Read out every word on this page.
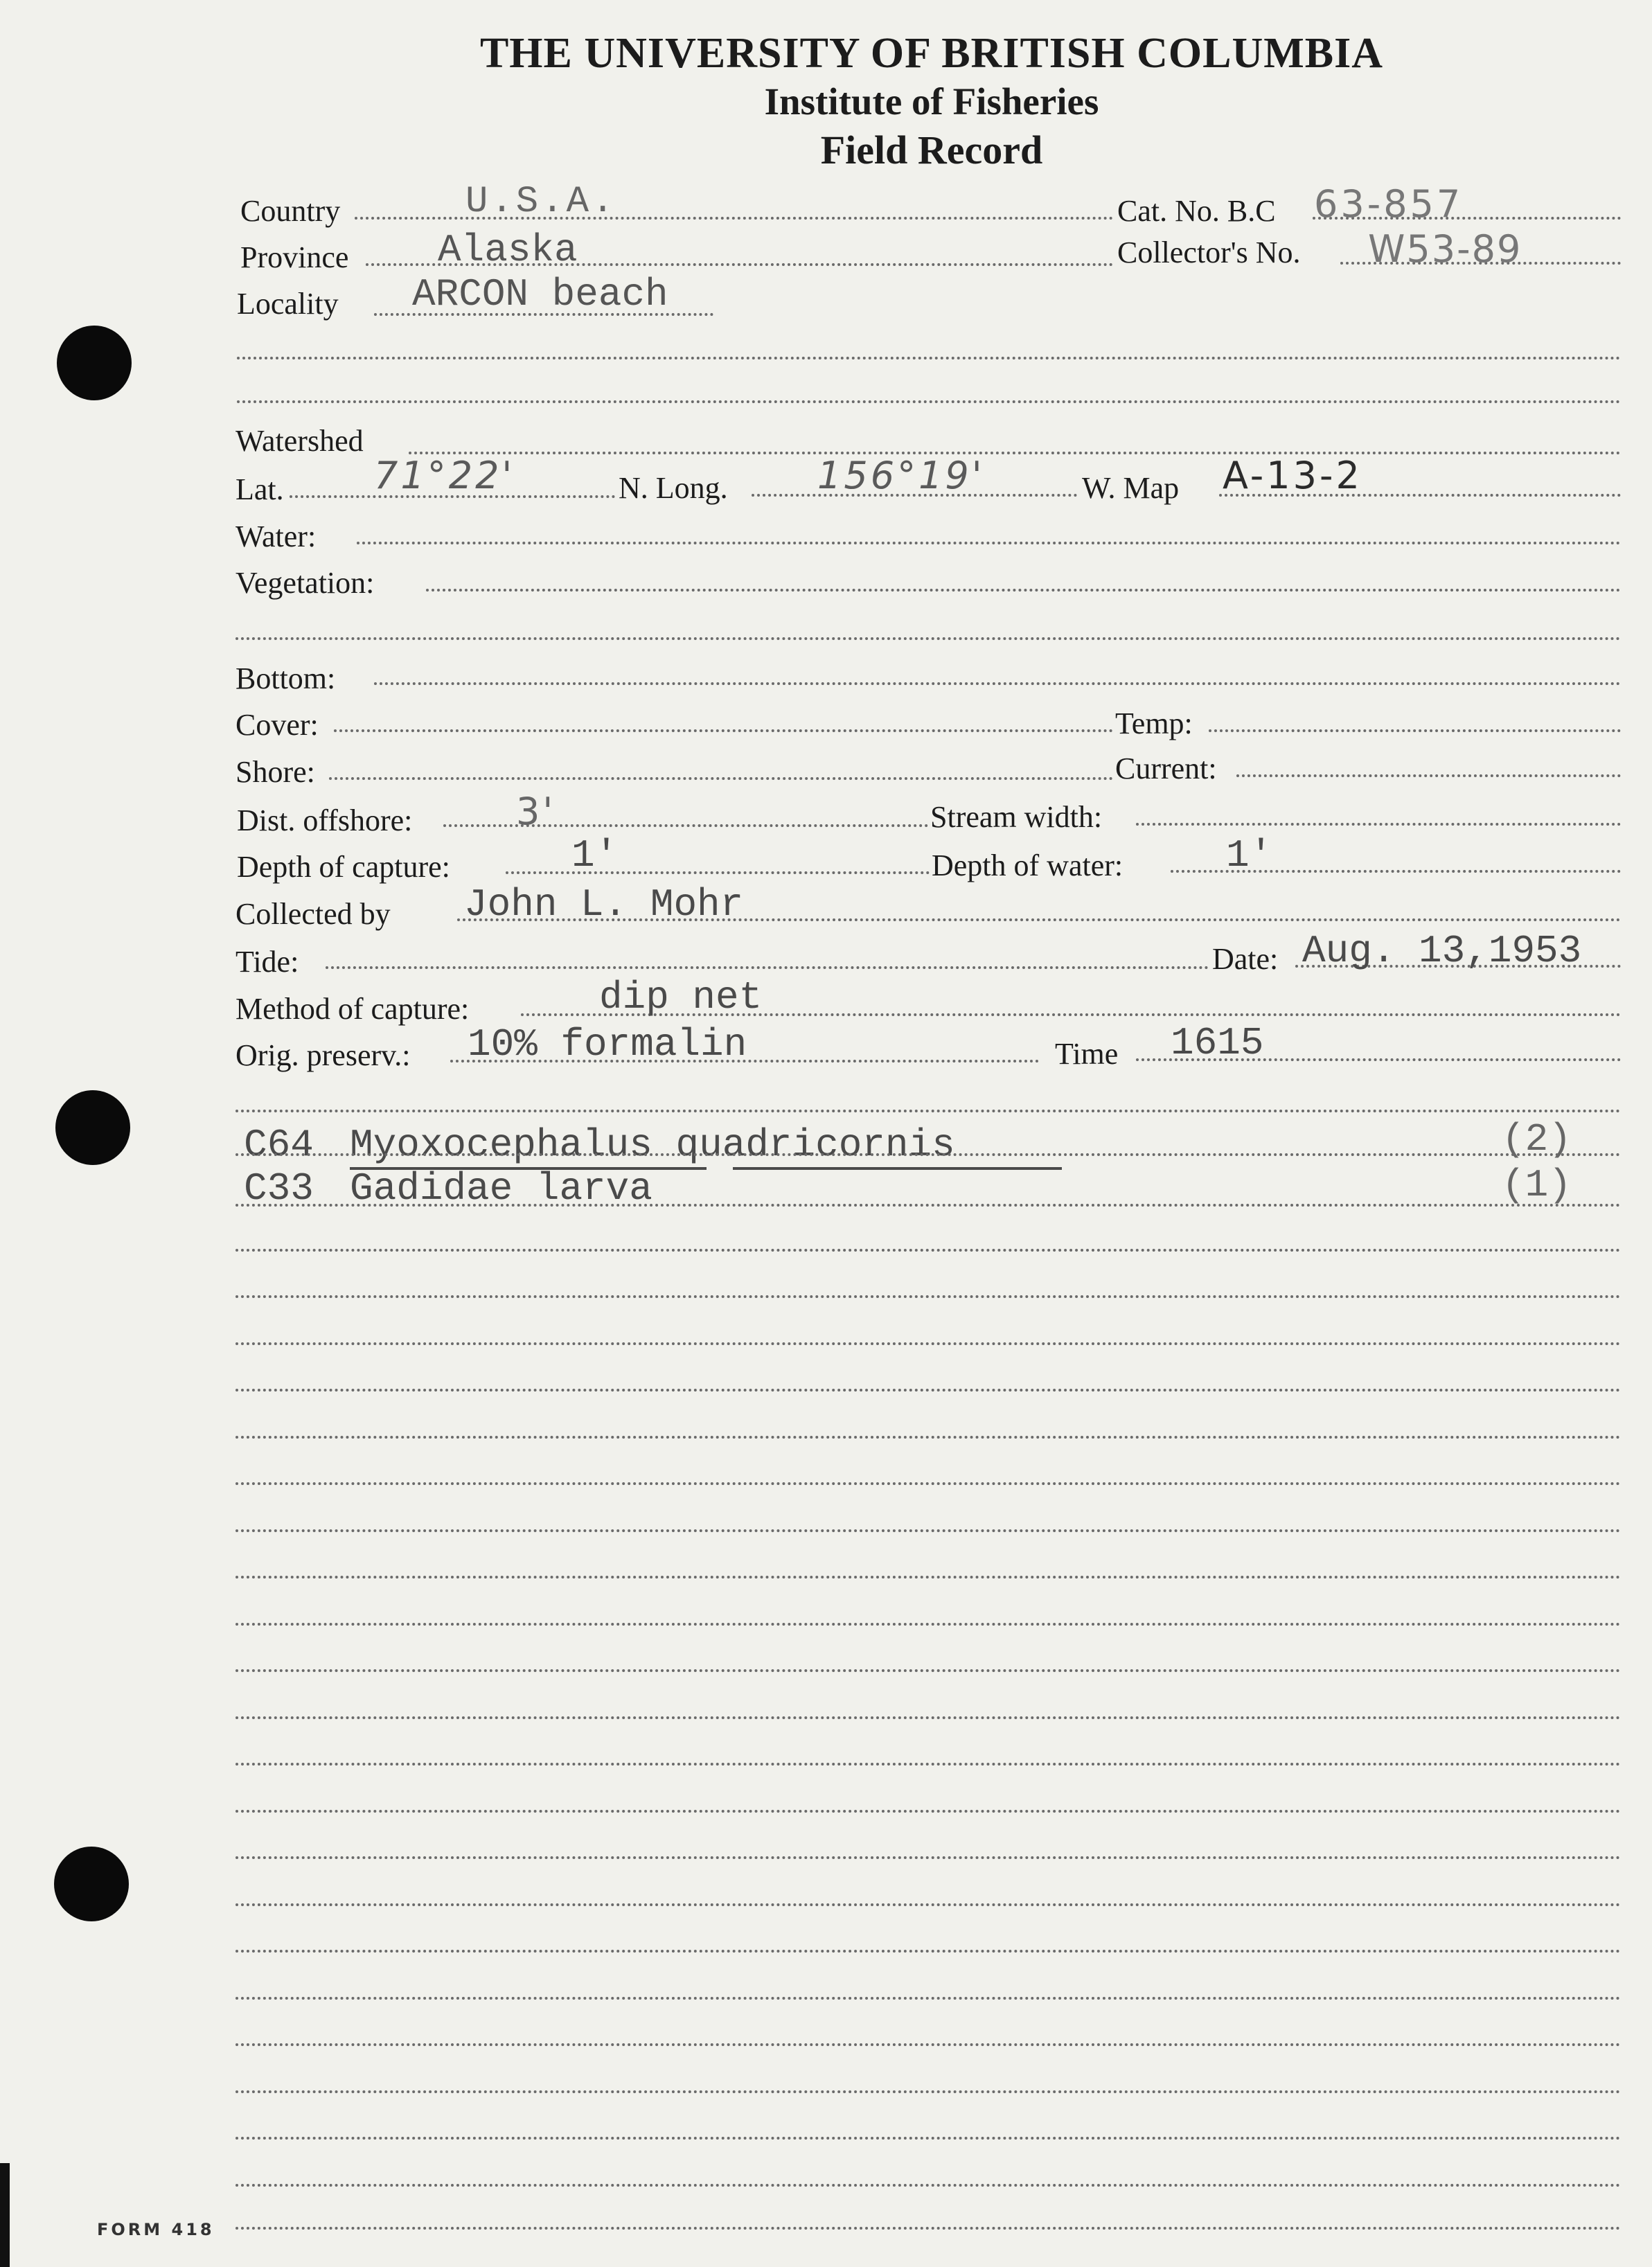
THE UNIVERSITY OF BRITISH COLUMBIA
Institute of Fisheries
Field Record
Country	U.S.A.	Cat. No. B.C 63-857
Province Alaska	Collector's No. W53-89
Locality ARCON beach
Watershed
Lat. 71°22'	N. Long. 156°19'	W. Map A-13-2
Water:
Vegetation:
Bottom:
Cover:	Temp:
Shore:	Current:
Dist. offshore:	3'	Stream width:
Depth of capture:	1'	Depth of water:	1'
Collected by John L. Mohr
Tide:	Date: Aug. 13,1953
Method of capture:	dip net
Orig. preserv.: 10% formalin	Time 1615
C64 Myoxocephalus quadricornis	(2)
C33 Gadidae larva	(1)
FORM 418
